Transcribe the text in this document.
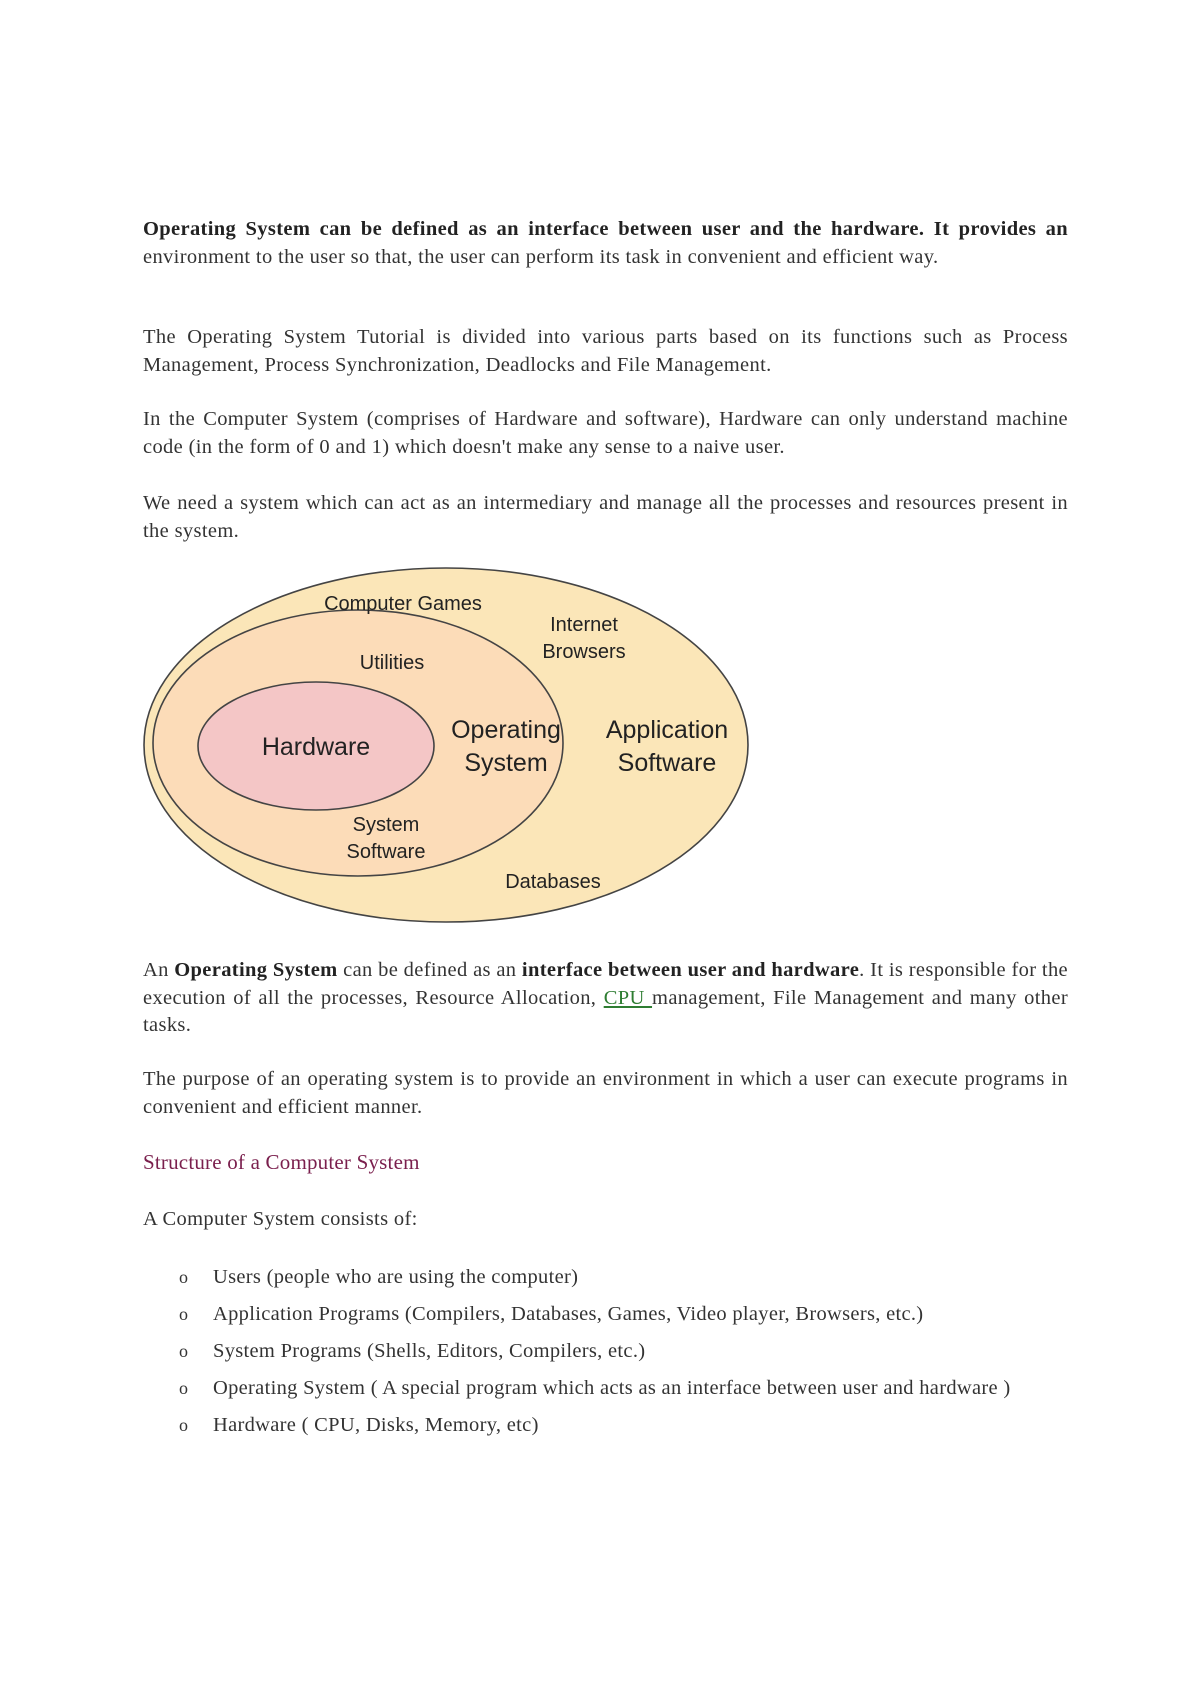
Operating System can be defined as an interface between user and the hardware. It provides an environment to the user so that, the user can perform its task in convenient and efficient way.

The Operating System Tutorial is divided into various parts based on its functions such as Process Management, Process Synchronization, Deadlocks and File Management.

In the Computer System (comprises of Hardware and software), Hardware can only understand machine code (in the form of 0 and 1) which doesn't make any sense to a naive user.

We need a system which can act as an intermediary and manage all the processes and resources present in the system.

Computer Games
Internet
Browsers
Utilities
Hardware
Operating
System
Application
Software
System
Software
Databases

An Operating System can be defined as an interface between user and hardware. It is responsible for the execution of all the processes, Resource Allocation, CPU management, File Management and many other tasks.

The purpose of an operating system is to provide an environment in which a user can execute programs in convenient and efficient manner.

Structure of a Computer System

A Computer System consists of:

o Users (people who are using the computer)
o Application Programs (Compilers, Databases, Games, Video player, Browsers, etc.)
o System Programs (Shells, Editors, Compilers, etc.)
o Operating System ( A special program which acts as an interface between user and hardware )
o Hardware ( CPU, Disks, Memory, etc)
